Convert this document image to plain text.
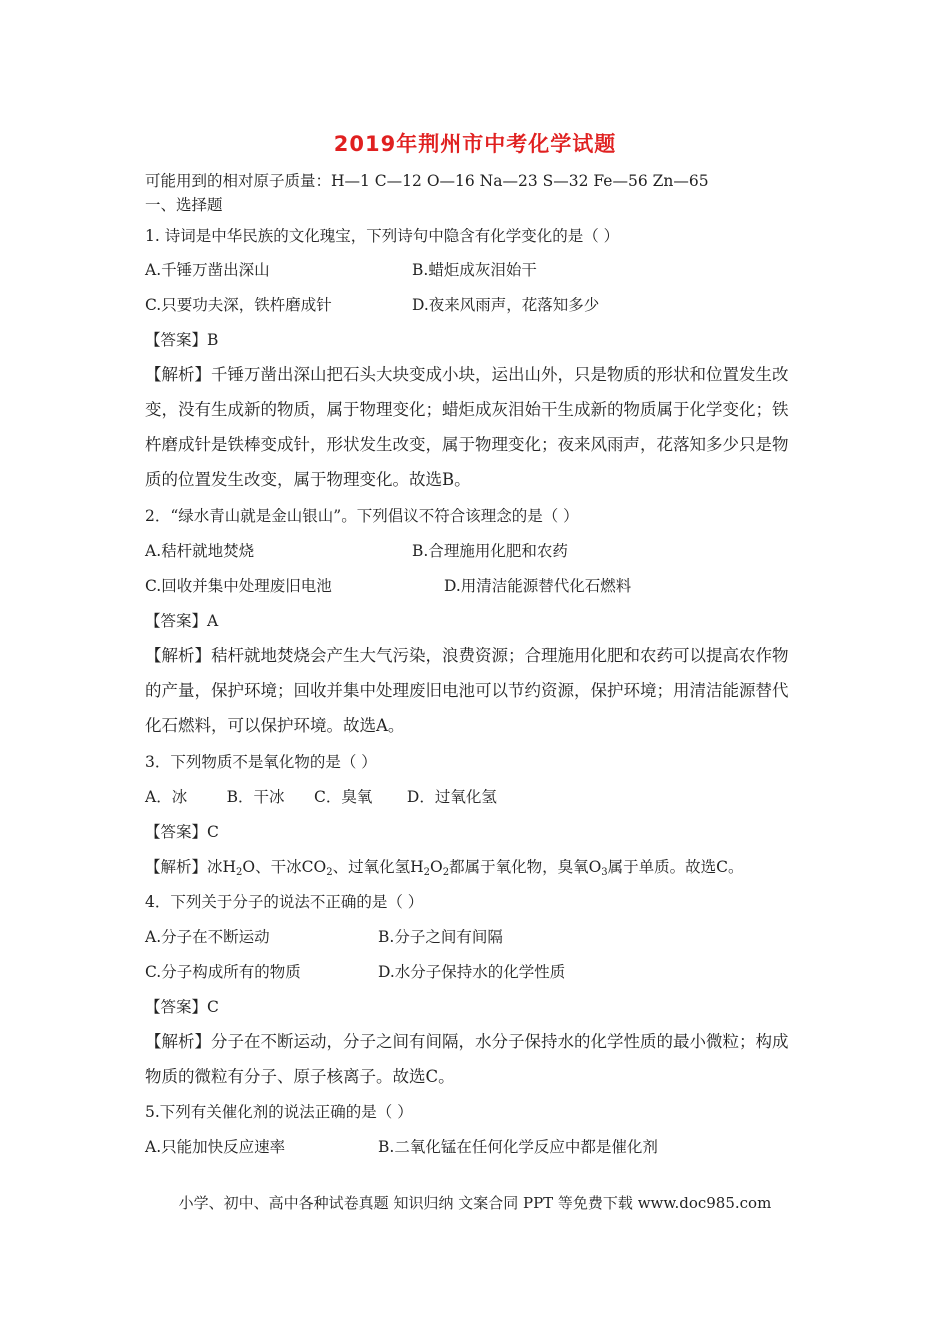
2019年荆州市中考化学试题
可能用到的相对原子质量：H—1 C—12 O—16 Na—23 S—32 Fe—56 Zn—65
一、选择题
1. 诗词是中华民族的文化瑰宝，下列诗句中隐含有化学变化的是（ ）
A.千锤万凿出深山	B.蜡炬成灰泪始干
C.只要功夫深，铁杵磨成针	D.夜来风雨声，花落知多少
【答案】B
【解析】千锤万凿出深山把石头大块变成小块，运出山外，只是物质的形状和位置发生改
变，没有生成新的物质，属于物理变化；蜡炬成灰泪始干生成新的物质属于化学变化；铁
杵磨成针是铁棒变成针，形状发生改变，属于物理变化；夜来风雨声，花落知多少只是物
质的位置发生改变，属于物理变化。故选B。
2．“绿水青山就是金山银山”。下列倡议不符合该理念的是（ ）
A.秸杆就地焚烧	B.合理施用化肥和农药
C.回收并集中处理废旧电池	D.用清洁能源替代化石燃料
【答案】A
【解析】秸杆就地焚烧会产生大气污染，浪费资源；合理施用化肥和农药可以提高农作物
的产量，保护环境；回收并集中处理废旧电池可以节约资源，保护环境；用清洁能源替代
化石燃料，可以保护环境。故选A。
3．下列物质不是氧化物的是（ ）
A．冰        B．干冰      C．臭氧       D．过氧化氢
【答案】C
【解析】冰$H_2O$、干冰$CO_2$、过氧化氢$H_2O_2$都属于氧化物，臭氧$O_3$属于单质。故选C。
4．下列关于分子的说法不正确的是（ ）
A.分子在不断运动	B.分子之间有间隔
C.分子构成所有的物质	D.水分子保持水的化学性质
【答案】C
【解析】分子在不断运动，分子之间有间隔，水分子保持水的化学性质的最小微粒；构成
物质的微粒有分子、原子核离子。故选C。
5.下列有关催化剂的说法正确的是（ ）
A.只能加快反应速率	B.二氧化锰在任何化学反应中都是催化剂
小学、初中、高中各种试卷真题 知识归纳 文案合同 PPT 等免费下载 www.doc985.com
